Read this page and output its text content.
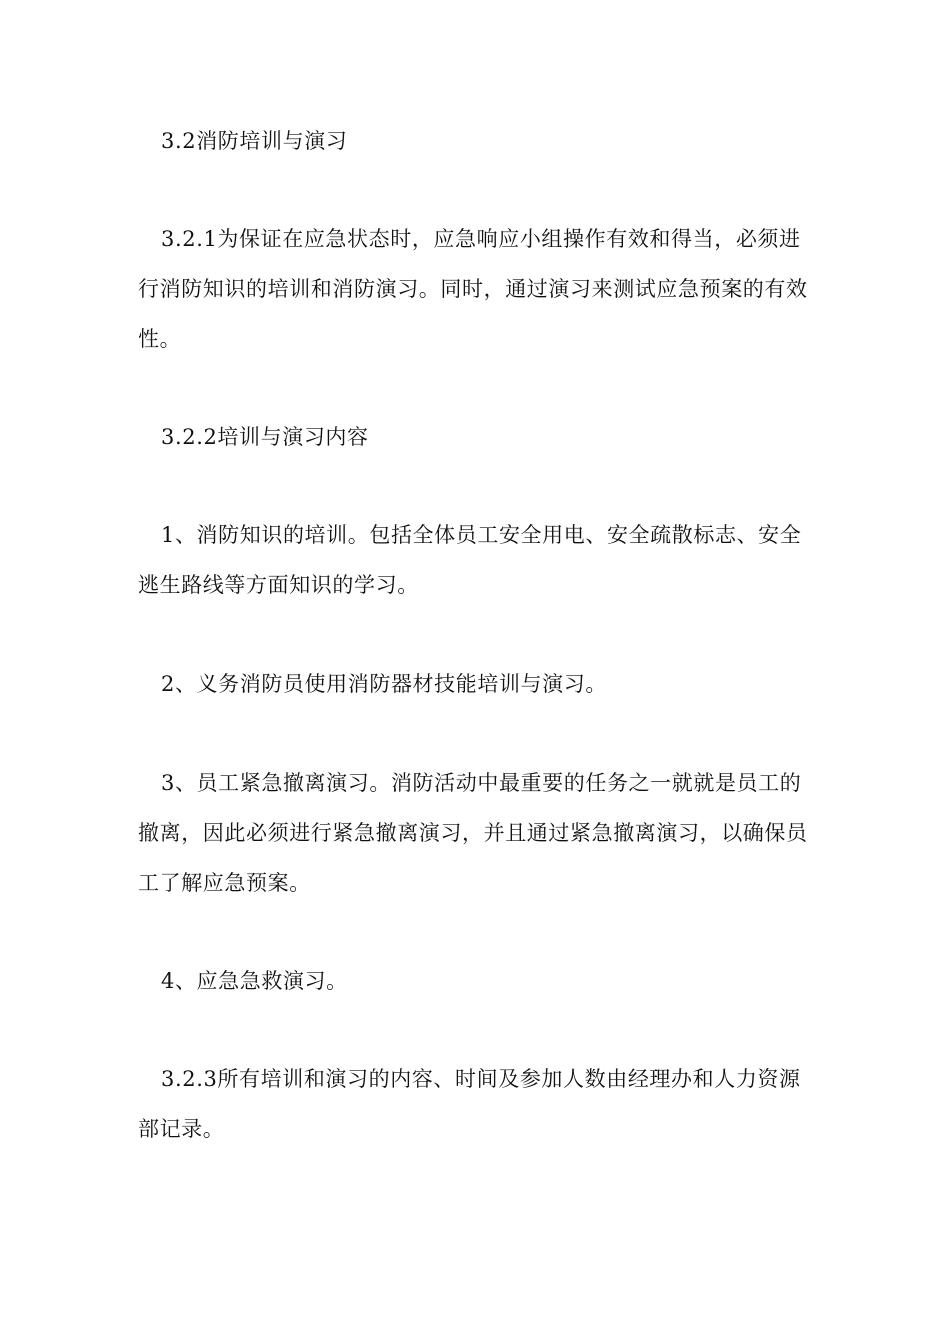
3.2消防培训与演习

3.2.1为保证在应急状态时，应急响应小组操作有效和得当，必须进行消防知识的培训和消防演习。同时，通过演习来测试应急预案的有效性。

3.2.2培训与演习内容

1、消防知识的培训。包括全体员工安全用电、安全疏散标志、安全逃生路线等方面知识的学习。

2、义务消防员使用消防器材技能培训与演习。

3、员工紧急撤离演习。消防活动中最重要的任务之一就就是员工的撤离，因此必须进行紧急撤离演习，并且通过紧急撤离演习，以确保员工了解应急预案。

4、应急急救演习。

3.2.3所有培训和演习的内容、时间及参加人数由经理办和人力资源部记录。
